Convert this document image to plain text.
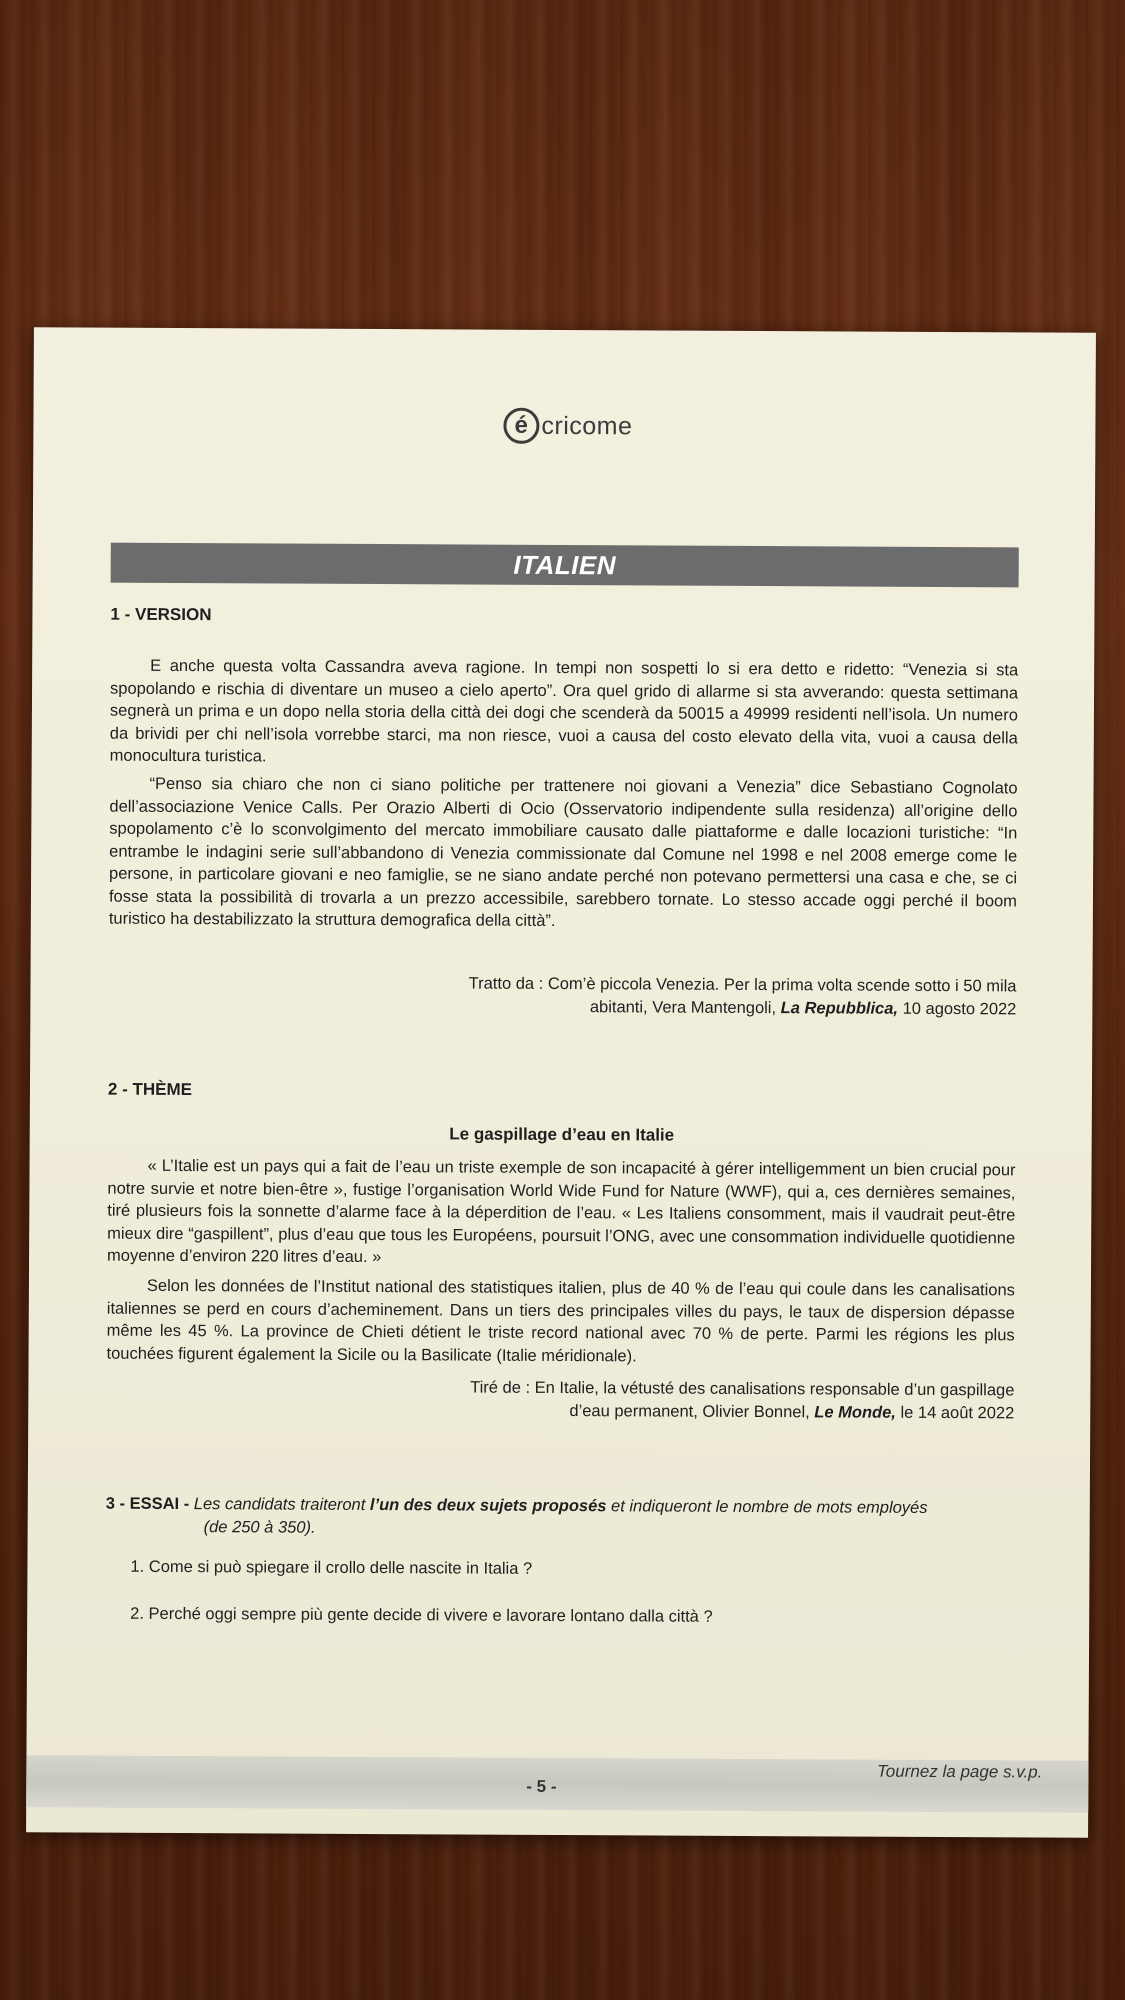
é cricome
ITALIEN
1 - VERSION

E anche questa volta Cassandra aveva ragione. In tempi non sospetti lo si era detto e ridetto: “Venezia si sta spopolando e rischia di diventare un museo a cielo aperto”. Ora quel grido di allarme si sta avverando: questa settimana segnerà un prima e un dopo nella storia della città dei dogi che scenderà da 50015 a 49999 residenti nell’isola. Un numero da brividi per chi nell’isola vorrebbe starci, ma non riesce, vuoi a causa del costo elevato della vita, vuoi a causa della monocultura turistica.

“Penso sia chiaro che non ci siano politiche per trattenere noi giovani a Venezia” dice Sebastiano Cognolato dell’associazione Venice Calls. Per Orazio Alberti di Ocio (Osservatorio indipendente sulla residenza) all’origine dello spopolamento c’è lo sconvolgimento del mercato immobiliare causato dalle piattaforme e dalle locazioni turistiche: “In entrambe le indagini serie sull’abbandono di Venezia commissionate dal Comune nel 1998 e nel 2008 emerge come le persone, in particolare giovani e neo famiglie, se ne siano andate perché non potevano permettersi una casa e che, se ci fosse stata la possibilità di trovarla a un prezzo accessibile, sarebbero tornate. Lo stesso accade oggi perché il boom turistico ha destabilizzato la struttura demografica della città”.

Tratto da : Com’è piccola Venezia. Per la prima volta scende sotto i 50 mila
abitanti, Vera Mantengoli, La Repubblica, 10 agosto 2022
2 - THÈME
Le gaspillage d’eau en Italie

« L’Italie est un pays qui a fait de l’eau un triste exemple de son incapacité à gérer intelligemment un bien crucial pour notre survie et notre bien-être », fustige l’organisation World Wide Fund for Nature (WWF), qui a, ces dernières semaines, tiré plusieurs fois la sonnette d’alarme face à la déperdition de l’eau. « Les Italiens consomment, mais il vaudrait peut-être mieux dire “gaspillent”, plus d’eau que tous les Européens, poursuit l’ONG, avec une consommation individuelle quotidienne moyenne d’environ 220 litres d’eau. »

Selon les données de l’Institut national des statistiques italien, plus de 40 % de l’eau qui coule dans les canalisations italiennes se perd en cours d’acheminement. Dans un tiers des principales villes du pays, le taux de dispersion dépasse même les 45 %. La province de Chieti détient le triste record national avec 70 % de perte. Parmi les régions les plus touchées figurent également la Sicile ou la Basilicate (Italie méridionale).

Tiré de : En Italie, la vétusté des canalisations responsable d’un gaspillage
d’eau permanent, Olivier Bonnel, Le Monde, le 14 août 2022
3 - ESSAI - Les candidats traiteront l’un des deux sujets proposés et indiqueront le nombre de mots employés
(de 250 à 350).
1. Come si può spiegare il crollo delle nascite in Italia ?
2. Perché oggi sempre più gente decide di vivere e lavorare lontano dalla città ?
- 5 -
Tournez la page s.v.p.
